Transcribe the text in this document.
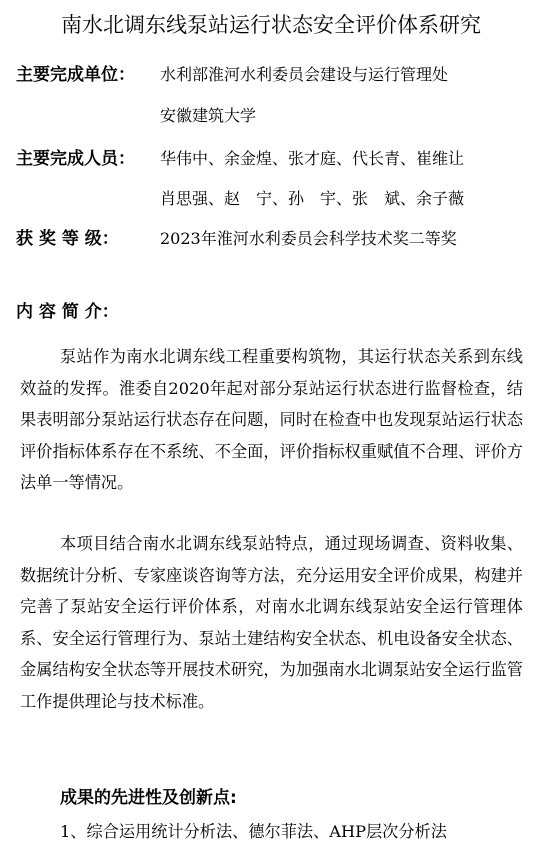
南水北调东线泵站运行状态安全评价体系研究
主要完成单位： 水利部淮河水利委员会建设与运行管理处
安徽建筑大学
主要完成人员： 华伟中、余金煌、张才庭、代长青、崔维让
肖思强、赵　宁、孙　宇、张　斌、余子薇
获 奖 等 级：	2023年淮河水利委员会科学技术奖二等奖
内 容 简 介：

泵站作为南水北调东线工程重要构筑物，其运行状态关系到东线效益的发挥。淮委自2020年起对部分泵站运行状态进行监督检查，结果表明部分泵站运行状态存在问题，同时在检查中也发现泵站运行状态评价指标体系存在不系统、不全面，评价指标权重赋值不合理、评价方法单一等情况。

本项目结合南水北调东线泵站特点，通过现场调查、资料收集、数据统计分析、专家座谈咨询等方法，充分运用安全评价成果，构建并完善了泵站安全运行评价体系，对南水北调东线泵站安全运行管理体系、安全运行管理行为、泵站土建结构安全状态、机电设备安全状态、金属结构安全状态等开展技术研究，为加强南水北调泵站安全运行监管工作提供理论与技术标准。

成果的先进性及创新点:
1、综合运用统计分析法、德尔菲法、AHP层次分析法
